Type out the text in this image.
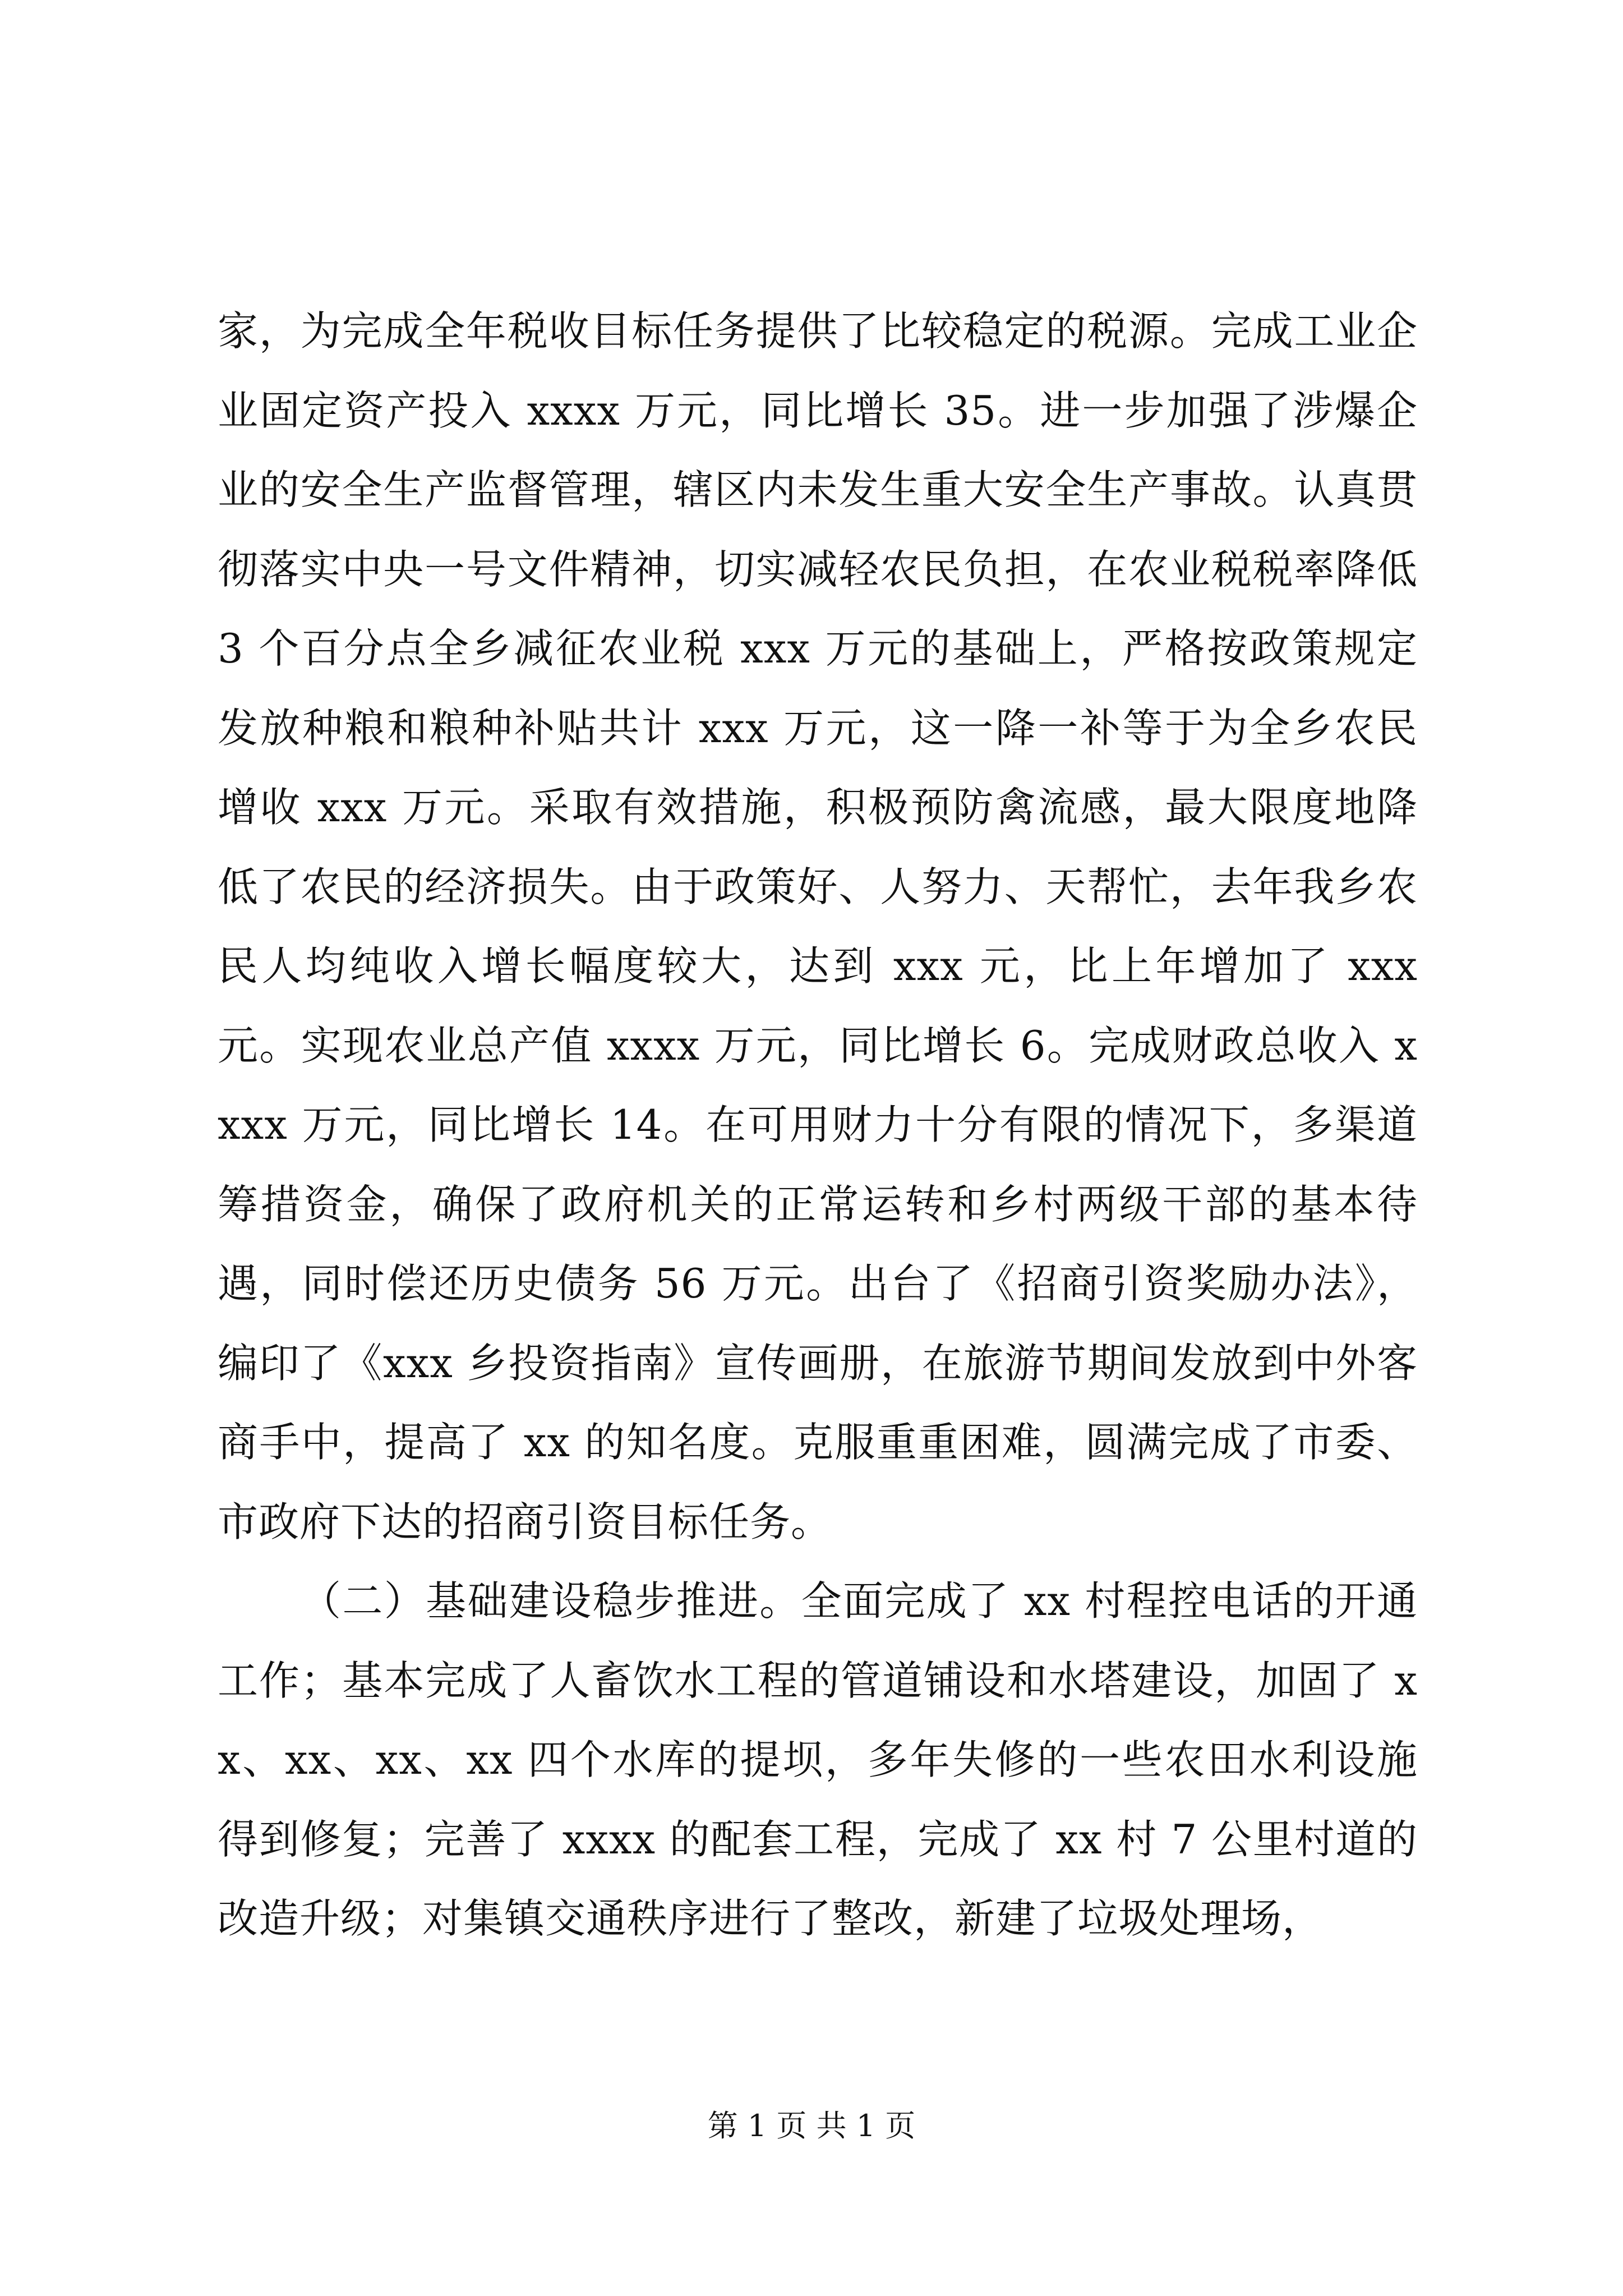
家，为完成全年税收目标任务提供了比较稳定的税源。完成工业企业固定资产投入 xxxx 万元，同比增长 35。进一步加强了涉爆企业的安全生产监督管理，辖区内未发生重大安全生产事故。认真贯彻落实中央一号文件精神，切实减轻农民负担，在农业税税率降低 3 个百分点全乡减征农业税 xxx 万元的基础上，严格按政策规定发放种粮和粮种补贴共计 xxx 万元，这一降一补等于为全乡农民增收 xxx 万元。采取有效措施，积极预防禽流感，最大限度地降低了农民的经济损失。由于政策好、人努力、天帮忙，去年我乡农民人均纯收入增长幅度较大，达到 xxx 元，比上年增加了 xxx 元。实现农业总产值 xxxx 万元，同比增长 6。完成财政总收入 xxxx 万元，同比增长 14。在可用财力十分有限的情况下，多渠道筹措资金，确保了政府机关的正常运转和乡村两级干部的基本待遇，同时偿还历史债务 56 万元。出台了《招商引资奖励办法》，编印了《xxx 乡投资指南》宣传画册，在旅游节期间发放到中外客商手中，提高了 xx 的知名度。克服重重困难，圆满完成了市委、市政府下达的招商引资目标任务。

（二）基础建设稳步推进。全面完成了 xx 村程控电话的开通工作；基本完成了人畜饮水工程的管道铺设和水塔建设，加固了 xx、xx、xx、xx 四个水库的提坝，多年失修的一些农田水利设施得到修复；完善了 xxxx 的配套工程，完成了 xx 村 7 公里村道的改造升级；对集镇交通秩序进行了整改，新建了垃圾处理场，

第 1 页 共 1 页
